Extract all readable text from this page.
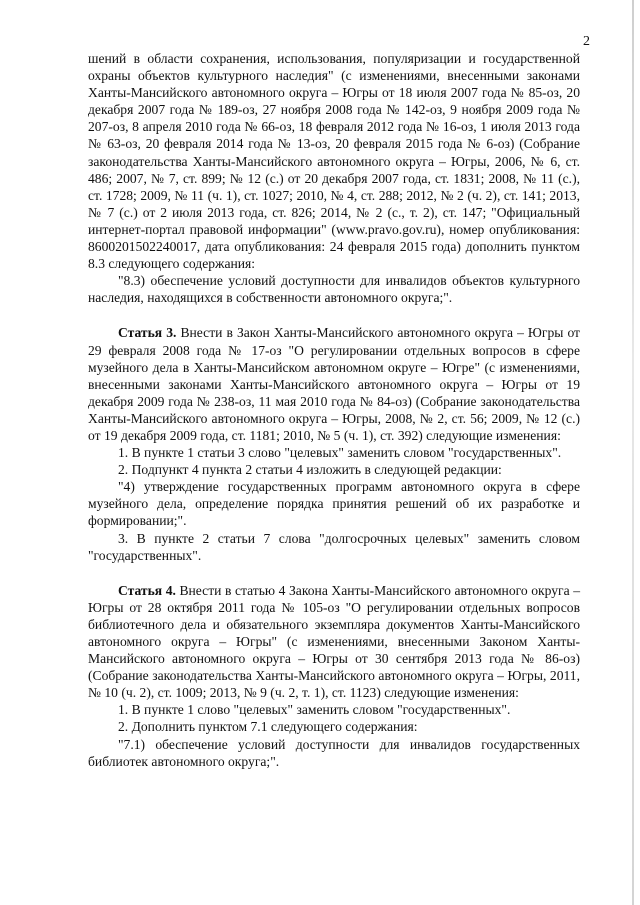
2

шений в области сохранения, использования, популяризации и государственной охраны объектов культурного наследия" (с изменениями, внесенными законами Ханты-Мансийского автономного округа – Югры от 18 июля 2007 года № 85-оз, 20 декабря 2007 года № 189-оз, 27 ноября 2008 года № 142-оз, 9 ноября 2009 года № 207-оз, 8 апреля 2010 года № 66-оз, 18 февраля 2012 года № 16-оз, 1 июля 2013 года № 63-оз, 20 февраля 2014 года № 13-оз, 20 февраля 2015 года № 6-оз) (Собрание законодательства Ханты-Мансийского автономного округа – Югры, 2006, № 6, ст. 486; 2007, № 7, ст. 899; № 12 (с.) от 20 декабря 2007 года, ст. 1831; 2008, № 11 (с.), ст. 1728; 2009, № 11 (ч. 1), ст. 1027; 2010, № 4, ст. 288; 2012, № 2 (ч. 2), ст. 141; 2013, № 7 (с.) от 2 июля 2013 года, ст. 826; 2014, № 2 (с., т. 2), ст. 147; "Официальный интернет-портал правовой информации" (www.pravo.gov.ru), номер опубликования: 8600201502240017, дата опубликования: 24 февраля 2015 года) дополнить пунктом 8.3 следующего содержания:

"8.3) обеспечение условий доступности для инвалидов объектов культурного наследия, находящихся в собственности автономного округа;".

Статья 3. Внести в Закон Ханты-Мансийского автономного округа – Югры от 29 февраля 2008 года № 17-оз "О регулировании отдельных вопросов в сфере музейного дела в Ханты-Мансийском автономном округе – Югре" (с изменениями, внесенными законами Ханты-Мансийского автономного округа – Югры от 19 декабря 2009 года № 238-оз, 11 мая 2010 года № 84-оз) (Собрание законодательства Ханты-Мансийского автономного округа – Югры, 2008, № 2, ст. 56; 2009, № 12 (с.) от 19 декабря 2009 года, ст. 1181; 2010, № 5 (ч. 1), ст. 392) следующие изменения:

1. В пункте 1 статьи 3 слово "целевых" заменить словом "государственных".

2. Подпункт 4 пункта 2 статьи 4 изложить в следующей редакции:

"4) утверждение государственных программ автономного округа в сфере музейного дела, определение порядка принятия решений об их разработке и формировании;".

3. В пункте 2 статьи 7 слова "долгосрочных целевых" заменить словом "государственных".

Статья 4. Внести в статью 4 Закона Ханты-Мансийского автономного округа – Югры от 28 октября 2011 года № 105-оз "О регулировании отдельных вопросов библиотечного дела и обязательного экземпляра документов Ханты-Мансийского автономного округа – Югры" (с изменениями, внесенными Законом Ханты-Мансийского автономного округа – Югры от 30 сентября 2013 года № 86-оз) (Собрание законодательства Ханты-Мансийского автономного округа – Югры, 2011, № 10 (ч. 2), ст. 1009; 2013, № 9 (ч. 2, т. 1), ст. 1123) следующие изменения:

1. В пункте 1 слово "целевых" заменить словом "государственных".

2. Дополнить пунктом 7.1 следующего содержания:

"7.1) обеспечение условий доступности для инвалидов государственных библиотек автономного округа;".
